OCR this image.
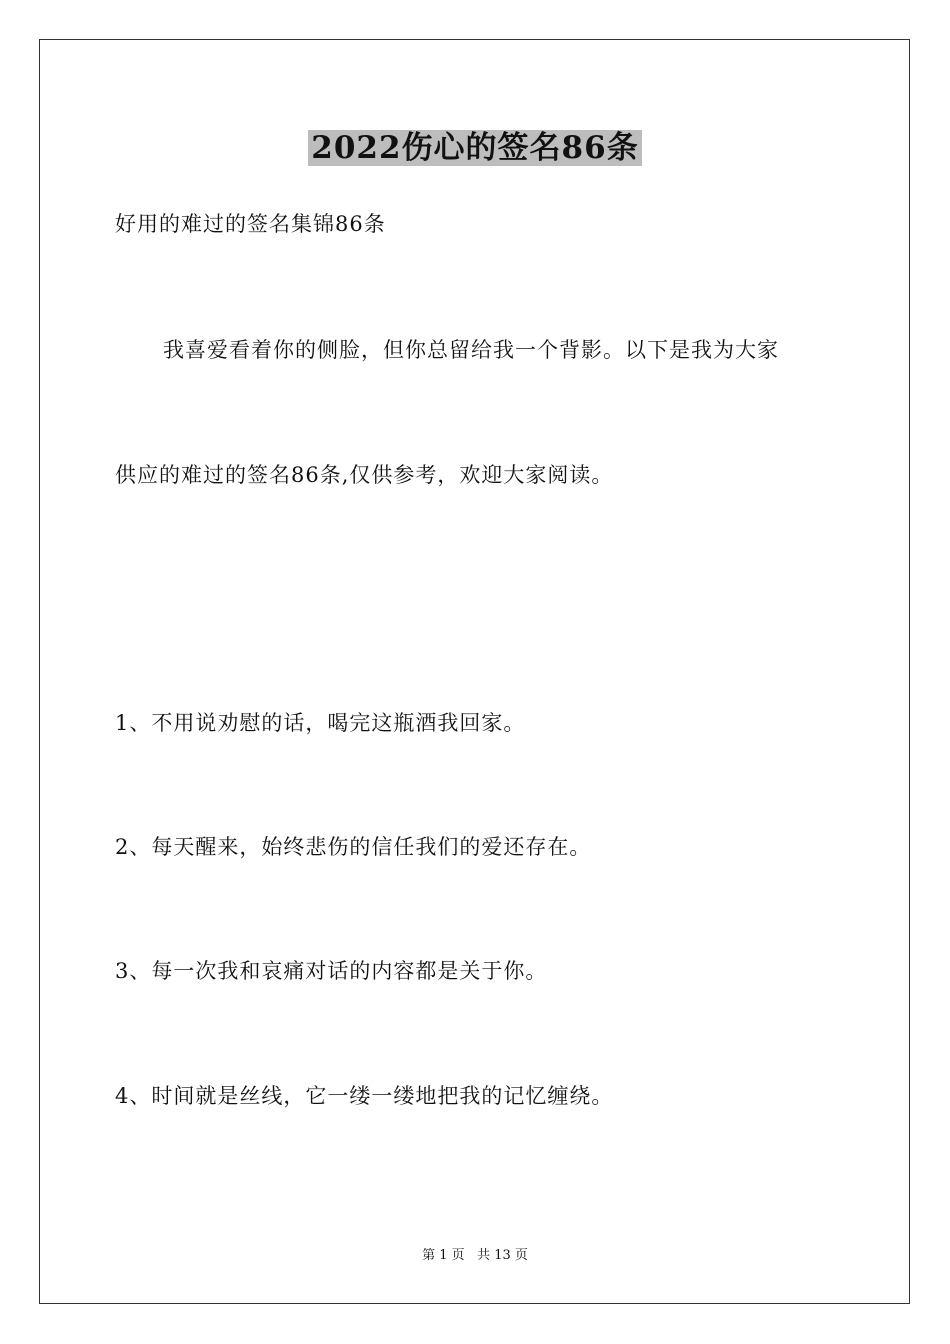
2022伤心的签名86条
好用的难过的签名集锦86条
我喜爱看着你的侧脸，但你总留给我一个背影。以下是我为大家
供应的难过的签名86条,仅供参考，欢迎大家阅读。
1、不用说劝慰的话，喝完这瓶酒我回家。
2、每天醒来，始终悲伤的信任我们的爱还存在。
3、每一次我和哀痛对话的内容都是关于你。
4、时间就是丝线，它一缕一缕地把我的记忆缠绕。
第 1 页   共 13 页
